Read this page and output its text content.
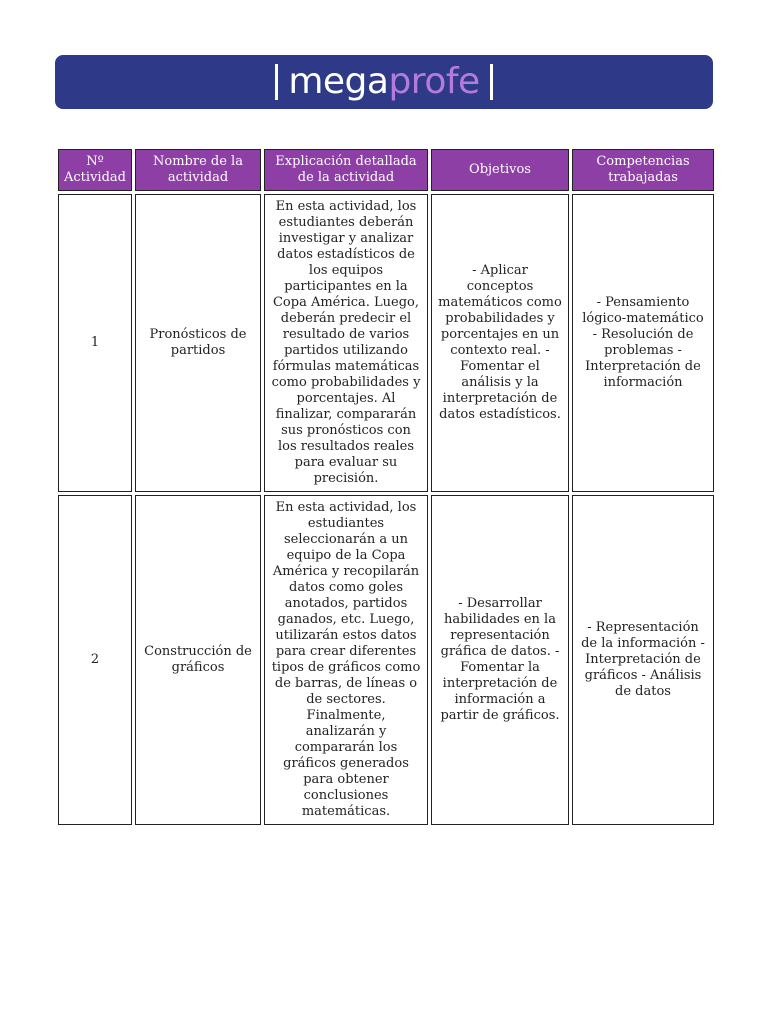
mega profe
Nº Actividad	Nombre de la actividad	Explicación detallada de la actividad	Objetivos	Competencias trabajadas
1	Pronósticos de partidos	En esta actividad, los estudiantes deberán investigar y analizar datos estadísticos de los equipos participantes en la Copa América. Luego, deberán predecir el resultado de varios partidos utilizando fórmulas matemáticas como probabilidades y porcentajes. Al finalizar, compararán sus pronósticos con los resultados reales para evaluar su precisión.	- Aplicar conceptos matemáticos como probabilidades y porcentajes en un contexto real. - Fomentar el análisis y la interpretación de datos estadísticos.	- Pensamiento lógico-matemático - Resolución de problemas - Interpretación de información
2	Construcción de gráficos	En esta actividad, los estudiantes seleccionarán a un equipo de la Copa América y recopilarán datos como goles anotados, partidos ganados, etc. Luego, utilizarán estos datos para crear diferentes tipos de gráficos como de barras, de líneas o de sectores. Finalmente, analizarán y compararán los gráficos generados para obtener conclusiones matemáticas.	- Desarrollar habilidades en la representación gráfica de datos. - Fomentar la interpretación de información a partir de gráficos.	- Representación de la información - Interpretación de gráficos - Análisis de datos
